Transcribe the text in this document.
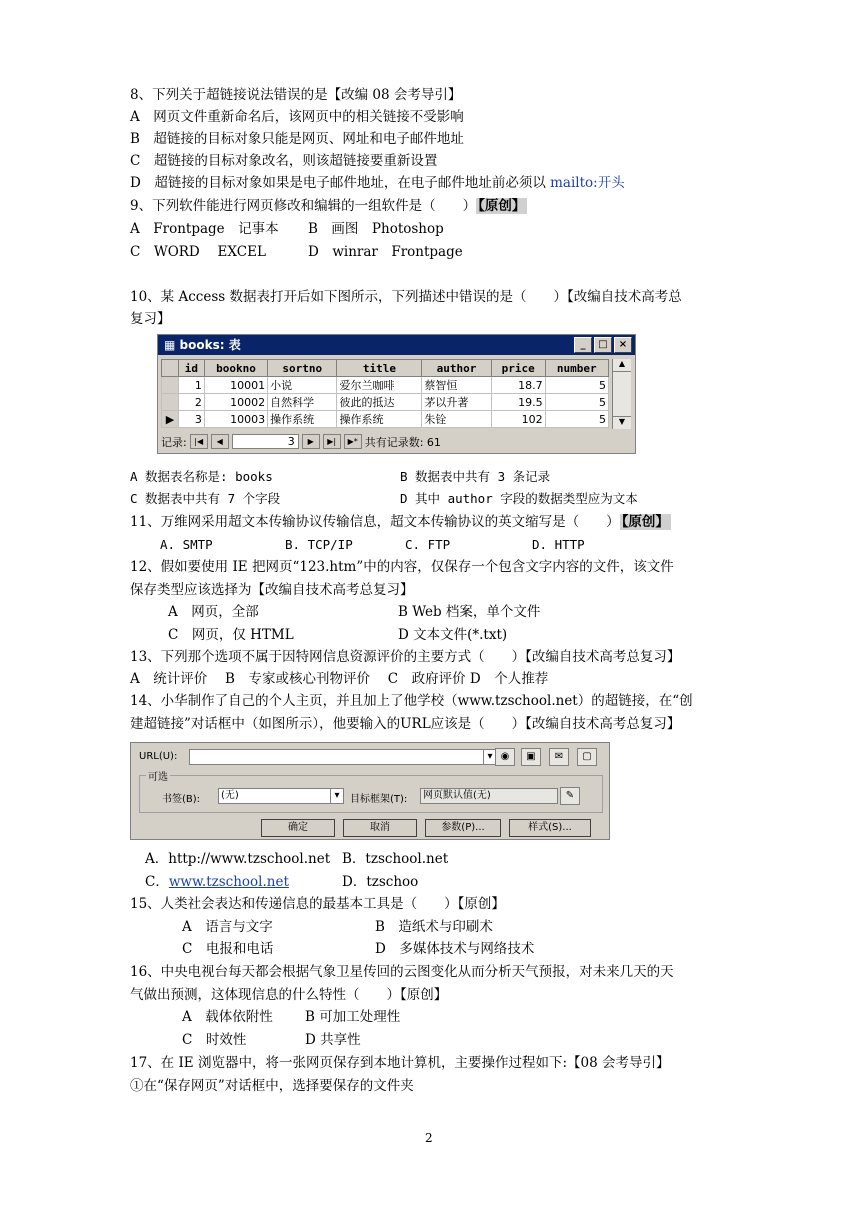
8、下列关于超链接说法错误的是【改编 08 会考导引】
A　网页文件重新命名后，该网页中的相关链接不受影响
B　超链接的目标对象只能是网页、网址和电子邮件地址
C　超链接的目标对象改名，则该超链接要重新设置
D　超链接的目标对象如果是电子邮件地址，在电子邮件地址前必须以 mailto:开头
9、下列软件能进行网页修改和编辑的一组软件是（　　） 【原创】
A　Frontpage　记事本 B　画图　Photoshop
C　WORD　 EXCEL	D　winrar　Frontpage
10、某 Access 数据表打开后如下图所示，下列描述中错误的是（　　）【改编自技术高考总
复习】
▦ books: 表	_	□	×
	id	bookno	sortno	title	author	price	number
	1	10001	小说	爱尔兰咖啡	蔡智恒	18.7	5
	2	10002	自然科学	彼此的抵达	茅以升著	19.5	5
▶	3	10003	操作系统	操作系统	朱铨	102	5
▲
▼
记录: |◀	◀	3	▶	▶|	▶* 共有记录数: 61
A 数据表名称是: books	B 数据表中共有 3 条记录
C 数据表中共有 7 个字段	D 其中 author 字段的数据类型应为文本
11、万维网采用超文本传输协议传输信息，超文本传输协议的英文缩写是（　　） 【原创】
A. SMTP	B. TCP/IP	C. FTP	D. HTTP
12、假如要使用 IE 把网页“123.htm”中的内容，仅保存一个包含文字内容的文件，该文件
保存类型应该选择为【改编自技术高考总复习】
A　网页，全部	B Web 档案，单个文件
C　网页，仅 HTML	D 文本文件(*.txt)
13、下列那个选项不属于因特网信息资源评价的主要方式（　　）【改编自技术高考总复习】
A　统计评价　 B　专家或核心刊物评价　 C　政府评价 D　个人推荐
14、小华制作了自己的个人主页，并且加上了他学校（www.tzschool.net）的超链接，在“创
建超链接”对话框中（如图所示），他要输入的URL应该是（　　）【改编自技术高考总复习】
URL(U):	▾ ◉	▣	✉	▢
可选
书签(B):	(无)	▾	目标框架(T):	网页默认值(无)	✎
确定	取消	参数(P)...	样式(S)...
A．http://www.tzschool.net B．tzschool.net
C．www.tzschool.net	D．tzschoo
15、人类社会表达和传递信息的最基本工具是（　　）【原创】
A　语言与文字	B　造纸术与印刷术
C　电报和电话	D　多媒体技术与网络技术
16、中央电视台每天都会根据气象卫星传回的云图变化从而分析天气预报，对未来几天的天
气做出预测，这体现信息的什么特性（　　）【原创】
A　载体依附性 B 可加工处理性
C　时效性	D 共享性
17、在 IE 浏览器中，将一张网页保存到本地计算机，主要操作过程如下:【08 会考导引】
①在“保存网页”对话框中，选择要保存的文件夹
2
